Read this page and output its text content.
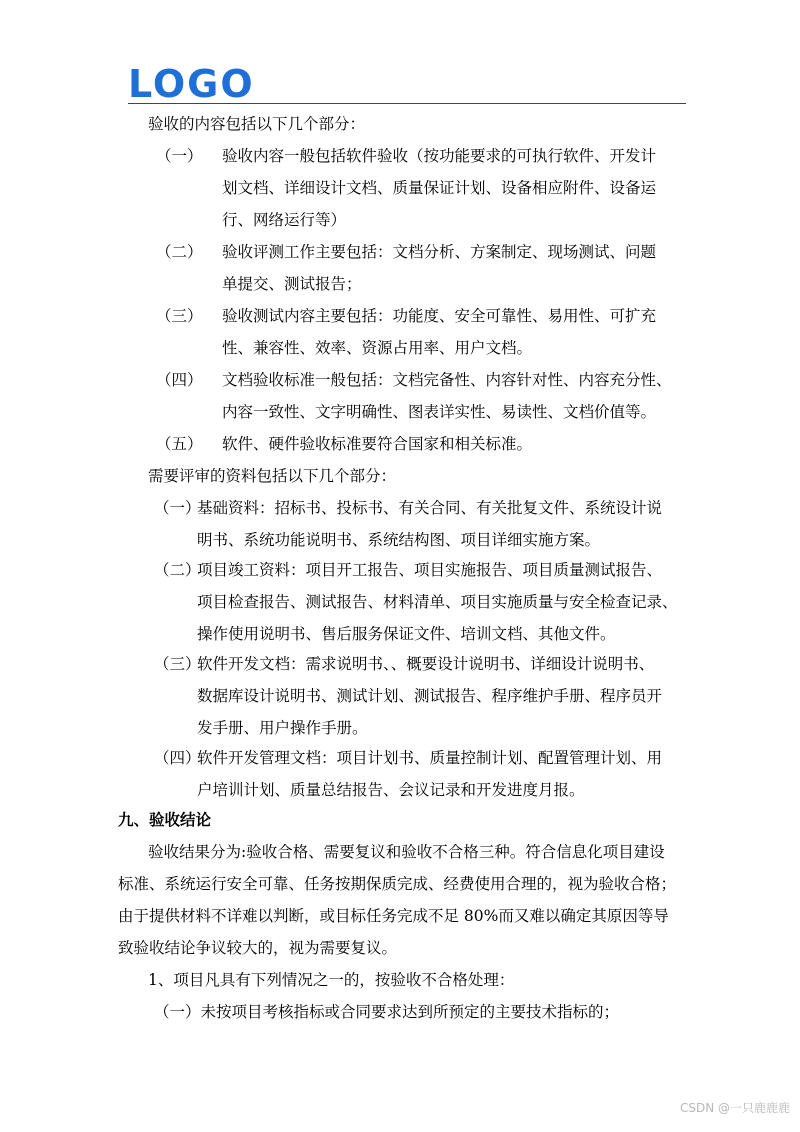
LOGO
验收的内容包括以下几个部分：
（一） 验收内容一般包括软件验收（按功能要求的可执行软件、开发计
划文档、详细设计文档、质量保证计划、设备相应附件、设备运
行、网络运行等）
（二） 验收评测工作主要包括：文档分析、方案制定、现场测试、问题
单提交、测试报告；
（三） 验收测试内容主要包括：功能度、安全可靠性、易用性、可扩充
性、兼容性、效率、资源占用率、用户文档。
（四） 文档验收标准一般包括：文档完备性、内容针对性、内容充分性、
内容一致性、文字明确性、图表详实性、易读性、文档价值等。
（五） 软件、硬件验收标准要符合国家和相关标准。
需要评审的资料包括以下几个部分：
（一）
基础资料：招标书、投标书、有关合同、有关批复文件、系统设计说
明书、系统功能说明书、系统结构图、项目详细实施方案。
（二）
项目竣工资料：项目开工报告、项目实施报告、项目质量测试报告、
项目检查报告、测试报告、材料清单、项目实施质量与安全检查记录、
操作使用说明书、售后服务保证文件、培训文档、其他文件。
（三）
软件开发文档：需求说明书、、概要设计说明书、详细设计说明书、
数据库设计说明书、测试计划、测试报告、程序维护手册、程序员开
发手册、用户操作手册。
（四）
软件开发管理文档：项目计划书、质量控制计划、配置管理计划、用
户培训计划、质量总结报告、会议记录和开发进度月报。
九、验收结论
验收结果分为:验收合格、需要复议和验收不合格三种。符合信息化项目建设
标准、系统运行安全可靠、任务按期保质完成、经费使用合理的，视为验收合格；
由于提供材料不详难以判断，或目标任务完成不足 80%而又难以确定其原因等导
致验收结论争议较大的，视为需要复议。
1、项目凡具有下列情况之一的，按验收不合格处理：
（一）未按项目考核指标或合同要求达到所预定的主要技术指标的；
CSDN @一只鹿鹿鹿
